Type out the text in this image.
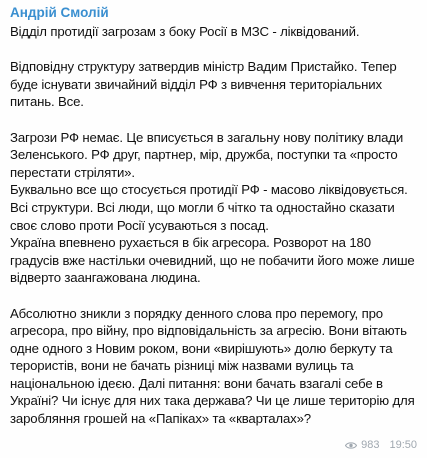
Андрій Смолій

Відділ протидії загрозам з боку Росії в МЗС - ліквідований.

Відповідну структуру затвердив міністр Вадим Пристайко. Тепер буде існувати звичайний відділ РФ з вивчення територіальних питань. Все.

Загрози РФ немає. Це вписується в загальну нову політику влади Зеленського. РФ друг, партнер, мір, дружба, поступки та «просто перестати стріляти».

Буквально все що стосується протидії РФ - масово ліквідовується. Всі структури. Всі люди, що могли б чітко та одностайно сказати своє слово проти Росії усуваються з посад.

Україна впевнено рухається в бік агресора. Розворот на 180 градусів вже настільки очевидний, що не побачити його може лише відверто заангажована людина.

Абсолютно зникли з порядку денного слова про перемогу, про агресора, про війну, про відповідальність за агресію. Вони вітають одне одного з Новим роком, вони «вирішують» долю беркуту та терористів, вони не бачать різниці між назвами вулиць та національною ідеєю. Далі питання: вони бачать взагалі себе в Україні? Чи існує для них така держава? Чи це лише територію для заробляння грошей на «Папіках» та «кварталах»?

983 19:50
